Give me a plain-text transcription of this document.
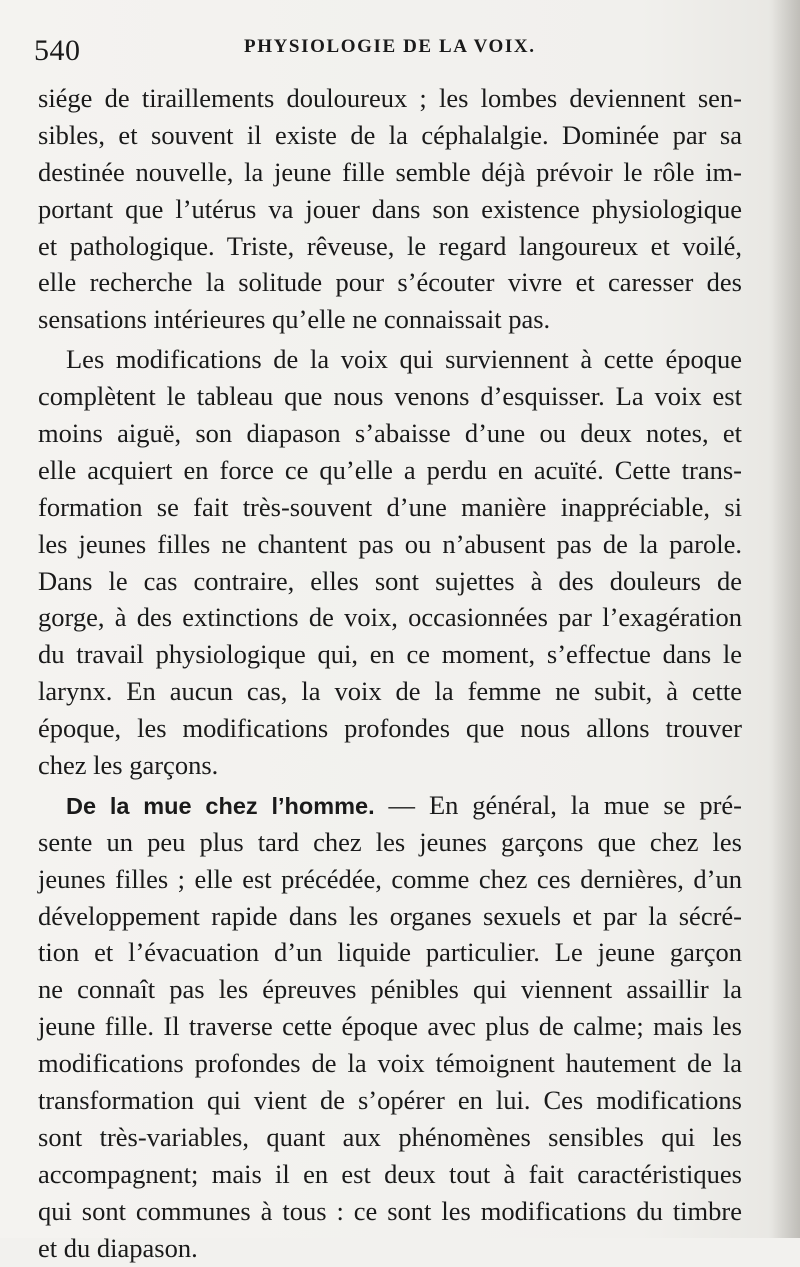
540	PHYSIOLOGIE DE LA VOIX.
siége de tiraillements douloureux ; les lombes deviennent sen-
sibles, et souvent il existe de la céphalalgie. Dominée par sa
destinée nouvelle, la jeune fille semble déjà prévoir le rôle im-
portant que l’utérus va jouer dans son existence physiologique
et pathologique. Triste, rêveuse, le regard langoureux et voilé,
elle recherche la solitude pour s’écouter vivre et caresser des
sensations intérieures qu’elle ne connaissait pas.
Les modifications de la voix qui surviennent à cette époque
complètent le tableau que nous venons d’esquisser. La voix est
moins aiguë, son diapason s’abaisse d’une ou deux notes, et
elle acquiert en force ce qu’elle a perdu en acuïté. Cette trans-
formation se fait très-souvent d’une manière inappréciable, si
les jeunes filles ne chantent pas ou n’abusent pas de la parole.
Dans le cas contraire, elles sont sujettes à des douleurs de
gorge, à des extinctions de voix, occasionnées par l’exagération
du travail physiologique qui, en ce moment, s’effectue dans le
larynx. En aucun cas, la voix de la femme ne subit, à cette
époque, les modifications profondes que nous allons trouver
chez les garçons.
De la mue chez l’homme. — En général, la mue se pré-
sente un peu plus tard chez les jeunes garçons que chez les
jeunes filles ; elle est précédée, comme chez ces dernières, d’un
développement rapide dans les organes sexuels et par la sécré-
tion et l’évacuation d’un liquide particulier. Le jeune garçon
ne connaît pas les épreuves pénibles qui viennent assaillir la
jeune fille. Il traverse cette époque avec plus de calme; mais les
modifications profondes de la voix témoignent hautement de la
transformation qui vient de s’opérer en lui. Ces modifications
sont très-variables, quant aux phénomènes sensibles qui les
accompagnent; mais il en est deux tout à fait caractéristiques
qui sont communes à tous : ce sont les modifications du timbre
et du diapason.
